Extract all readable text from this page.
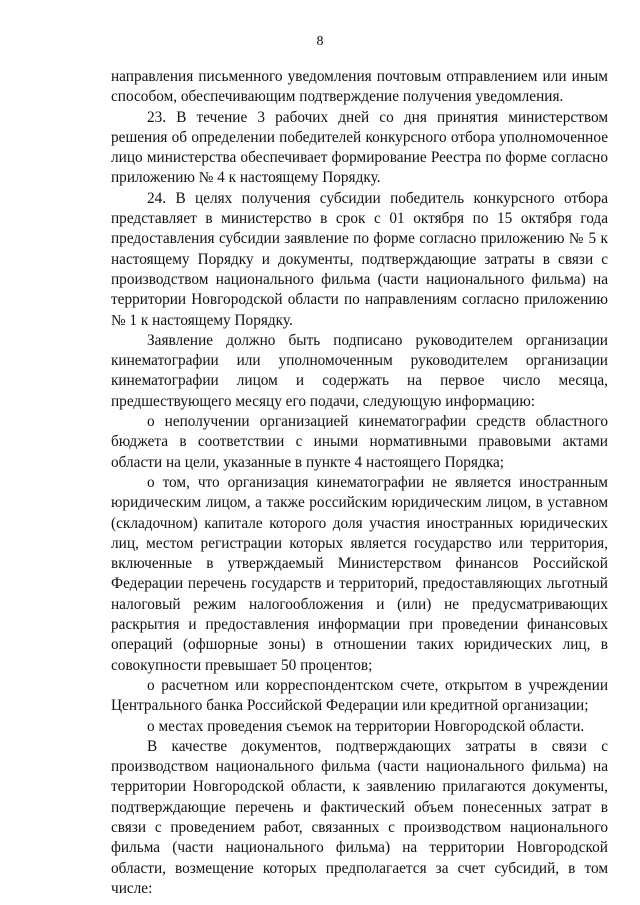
8

направления письменного уведомления почтовым отправлением или иным способом, обеспечивающим подтверждение получения уведомления.

23. В течение 3 рабочих дней со дня принятия министерством решения об определении победителей конкурсного отбора уполномоченное лицо министерства обеспечивает формирование Реестра по форме согласно приложению № 4 к настоящему Порядку.

24. В целях получения субсидии победитель конкурсного отбора представляет в министерство в срок с 01 октября по 15 октября года предоставления субсидии заявление по форме согласно приложению № 5 к настоящему Порядку и документы, подтверждающие затраты в связи с производством национального фильма (части национального фильма) на территории Новгородской области по направлениям согласно приложению № 1 к настоящему Порядку.

Заявление должно быть подписано руководителем организации кинематографии или уполномоченным руководителем организации кинематографии лицом и содержать на первое число месяца, предшествующего месяцу его подачи, следующую информацию:

о неполучении организацией кинематографии средств областного бюджета в соответствии с иными нормативными правовыми актами области на цели, указанные в пункте 4 настоящего Порядка;

о том, что организация кинематографии не является иностранным юридическим лицом, а также российским юридическим лицом, в уставном (складочном) капитале которого доля участия иностранных юридических лиц, местом регистрации которых является государство или территория, включенные в утверждаемый Министерством финансов Российской Федерации перечень государств и территорий, предоставляющих льготный налоговый режим налогообложения и (или) не предусматривающих раскрытия и предоставления информации при проведении финансовых операций (офшорные зоны) в отношении таких юридических лиц, в совокупности превышает 50 процентов;

о расчетном или корреспондентском счете, открытом в учреждении Центрального банка Российской Федерации или кредитной организации;

о местах проведения съемок на территории Новгородской области.

В качестве документов, подтверждающих затраты в связи с производством национального фильма (части национального фильма) на территории Новгородской области, к заявлению прилагаются документы, подтверждающие перечень и фактический объем понесенных затрат в связи с проведением работ, связанных с производством национального фильма (части национального фильма) на территории Новгородской области, возмещение которых предполагается за счет субсидий, в том числе:
